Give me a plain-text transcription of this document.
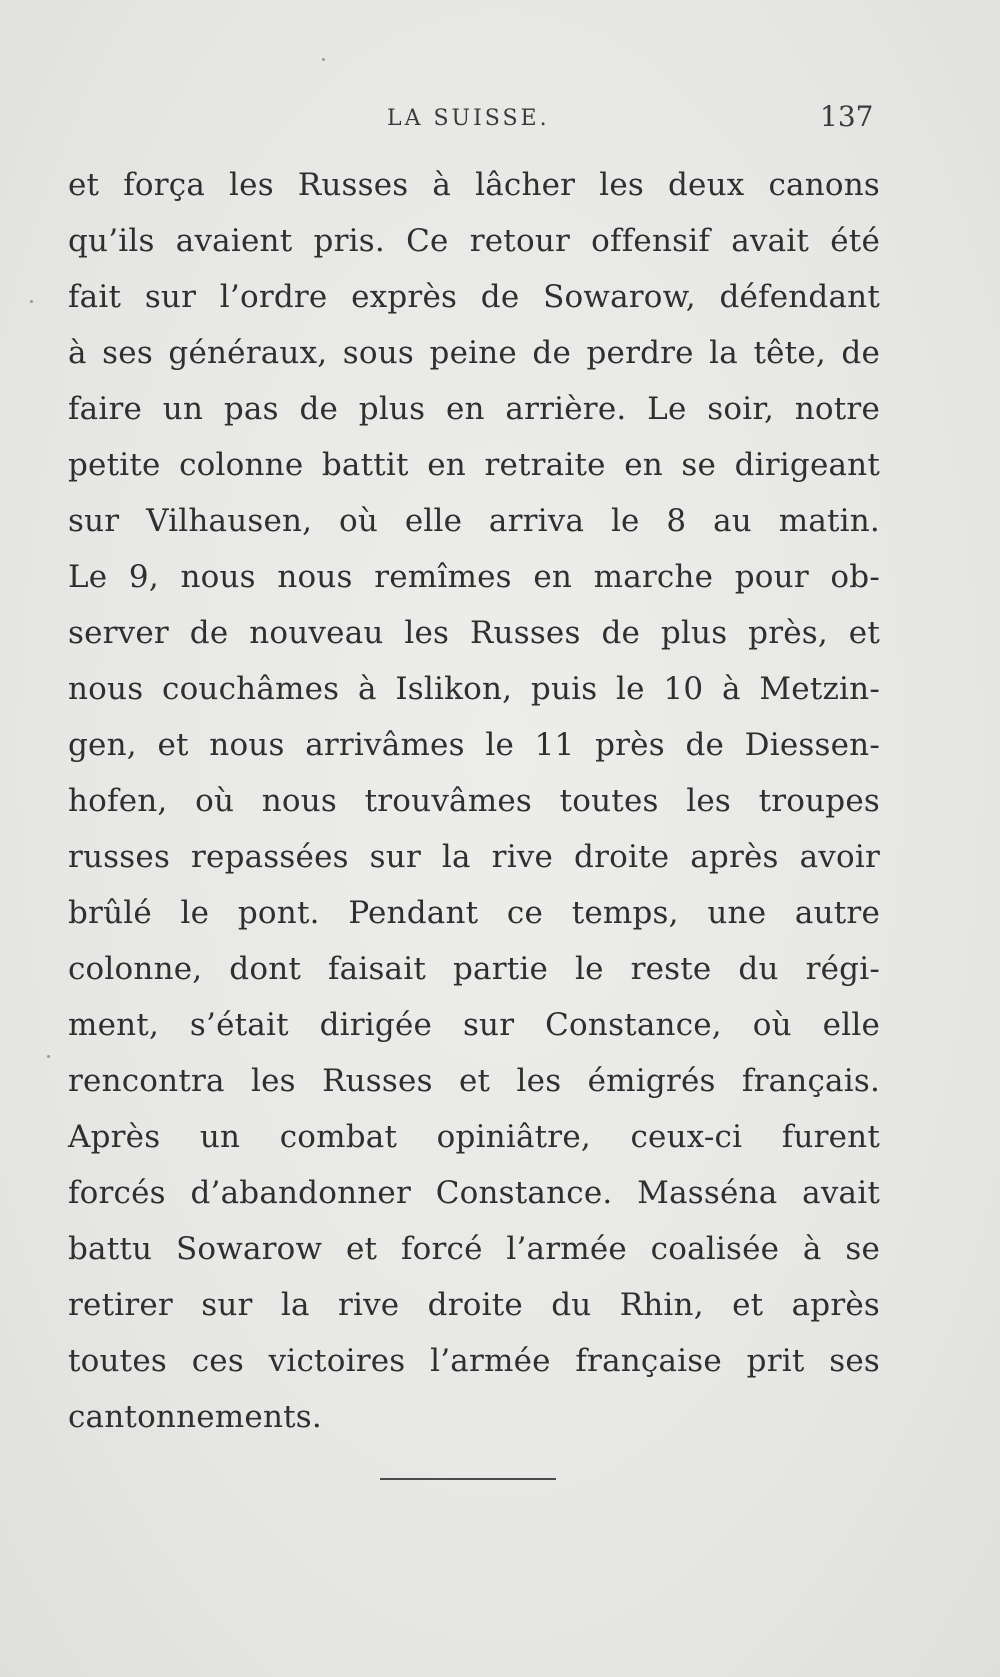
LA SUISSE.	137
et força les Russes à lâcher les deux canons
qu’ils avaient pris. Ce retour offensif avait été
fait sur l’ordre exprès de Sowarow, défendant
à ses généraux, sous peine de perdre la tête, de
faire un pas de plus en arrière. Le soir, notre
petite colonne battit en retraite en se dirigeant
sur Vilhausen, où elle arriva le 8 au matin.
Le 9, nous nous remîmes en marche pour ob-
server de nouveau les Russes de plus près, et
nous couchâmes à Islikon, puis le 10 à Metzin-
gen, et nous arrivâmes le 11 près de Diessen-
hofen, où nous trouvâmes toutes les troupes
russes repassées sur la rive droite après avoir
brûlé le pont. Pendant ce temps, une autre
colonne, dont faisait partie le reste du régi-
ment, s’était dirigée sur Constance, où elle
rencontra les Russes et les émigrés français.
Après un combat opiniâtre, ceux-ci furent
forcés d’abandonner Constance. Masséna avait
battu Sowarow et forcé l’armée coalisée à se
retirer sur la rive droite du Rhin, et après
toutes ces victoires l’armée française prit ses
cantonnements.
